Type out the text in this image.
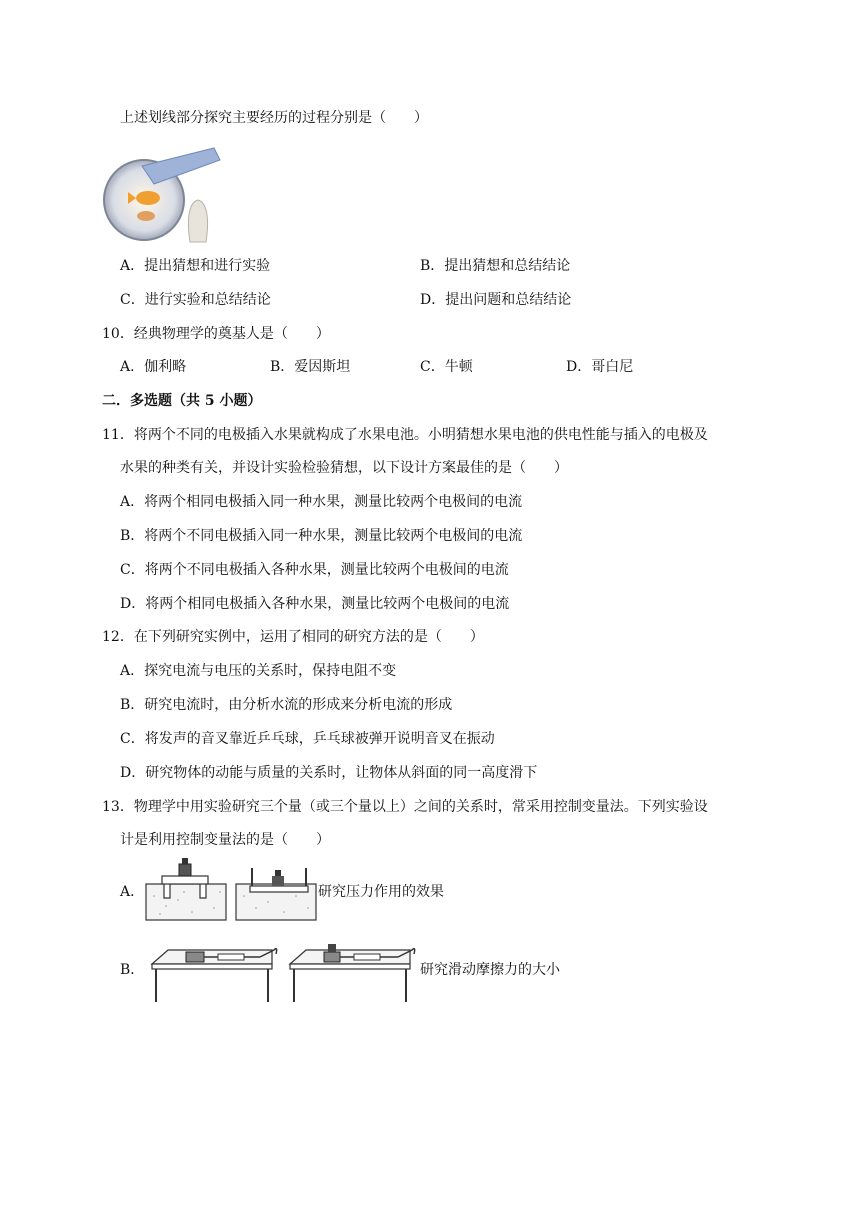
上述划线部分探究主要经历的过程分别是（　　）
A．提出猜想和进行实验	B．提出猜想和总结结论
C．进行实验和总结结论	D．提出问题和总结结论
10．经典物理学的奠基人是（　　）
A．伽利略	B．爱因斯坦	C．牛顿	D．哥白尼
二．多选题（共 5 小题）
11．将两个不同的电极插入水果就构成了水果电池。小明猜想水果电池的供电性能与插入的电极及
水果的种类有关，并设计实验检验猜想，以下设计方案最佳的是（　　）
A．将两个相同电极插入同一种水果，测量比较两个电极间的电流
B．将两个不同电极插入同一种水果，测量比较两个电极间的电流
C．将两个不同电极插入各种水果，测量比较两个电极间的电流
D．将两个相同电极插入各种水果，测量比较两个电极间的电流
12．在下列研究实例中，运用了相同的研究方法的是（　　）
A．探究电流与电压的关系时，保持电阻不变
B．研究电流时，由分析水流的形成来分析电流的形成
C．将发声的音叉靠近乒乓球，乒乓球被弹开说明音叉在振动
D．研究物体的动能与质量的关系时，让物体从斜面的同一高度滑下
13．物理学中用实验研究三个量（或三个量以上）之间的关系时，常采用控制变量法。下列实验设
计是利用控制变量法的是（　　）
A．	研究压力作用的效果
B．	研究滑动摩擦力的大小
